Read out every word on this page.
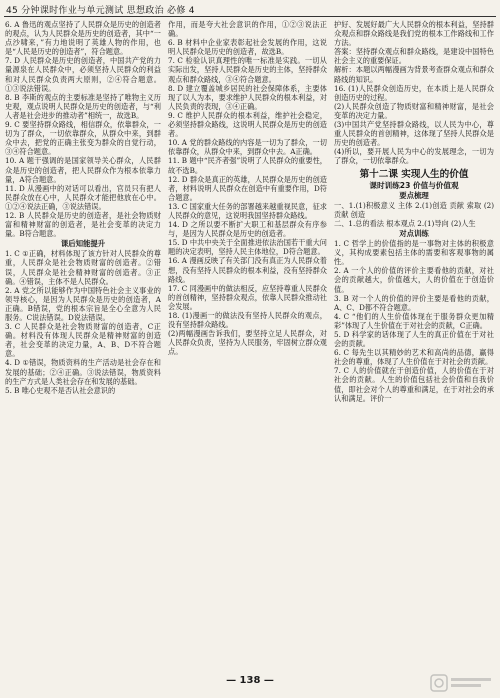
45 分钟课时作业与单元测试 思想政治 必修 4

6. A 鲁迅的观点坚持了人民群众是历史的创造者的观点，认为人民群众是历史的创造者，其中“一点沙啸来，”有力地说明了英雄人物的作用，也是“人民是历史的创造者”，符合题意。

7. D 人民群众是历史的创造者，中国共产党的力量源泉在人民群众中，必须坚持人民群众的利益和对人民群众负责两大原则，②④符合题意。①③说法错误。

8. B 李斯的观点的主要标准是坚持了唯物主义历史观，观点说明人民群众是历史的创造者，与“利人者是社会进步的推动者”相统一，故选B。

9. C 要坚持群众路线，相信群众，依靠群众，一切为了群众，一切依靠群众，从群众中来，到群众中去，把党的正确主张变为群众的自觉行动，③④符合题意。

10. A 题干强调的是国家领导关心群众，人民群众是历史的创造者，把人民群众作为根本依靠力量，A符合题意。

11. D 从漫画中的对话可以看出，官员只有把人民群众放在心中，人民群众才能把他放在心中。①②④说法正确，③说法错误。

12. B 人民群众是历史的创造者，是社会物质财富和精神财富的创造者，是社会变革的决定力量。B符合题意。

课后知能提升

1. C ①正确，材料体现了该方针对人民群众的尊重，人民群众是社会物质财富的创造者。②错误，人民群众是社会精神财富的创造者。③正确。④错误，主体不是人民群众。

2. A 党之所以能够作为中国特色社会主义事业的领导核心，是因为人民群众是历史的创造者，A正确。B错误，党的根本宗旨是全心全意为人民服务。C说法错误。D说法错误。

3. C 人民群众是社会物质财富的创造者，C正确。材料没有体现人民群众是精神财富的创造者，社会变革的决定力量，A、B、D不符合题意。

4. D ①错误，物质资料的生产活动是社会存在和发展的基础；②④正确。③说法错误，物质资料的生产方式是人类社会存在和发展的基础。

5. B 唯心史观不是否认社会意识的

作用，而是夸大社会意识的作用，①②③说法正确。

6. B 材料中企业家表彰起社会发展的作用，这说明人民群众是历史的创造者，故选B。

7. C 检验认识真理性的唯一标准是实践。一切从实际出发，坚持人民群众是历史的主体，坚持群众观点和群众路线，③④符合题意。

8. D 建立覆盖城乡居民的社会保障体系，主要体现了以人为本，要求维护人民群众的根本利益，对人民负责的表现，③④正确。

9. C 维护人民群众的根本利益，维护社会稳定，必须坚持群众路线，这说明人民群众是历史的创造者。

10. A 党的群众路线的内容是一切为了群众，一切依靠群众，从群众中来，到群众中去。A正确。

11. B 题中“民齐者强”说明了人民群众的重要性，故不选B。

12. D 群众是真正的英雄，人民群众是历史的创造者，材料说明人民群众在创造中有重要作用，D符合题意。

13. C 国家重大任务的部署越来越重视民意，征求人民群众的意见，这说明我国坚持群众路线。

14. D 之所以要不断扩大职工和基层群众有序参与，是因为人民群众是历史的创造者。

15. D 中共中央关于全面推进依法治国若干重大问题的决定表明，坚持人民主体地位，D符合题意。

16. A 漫画反映了有关部门没有真正为人民群众着想，没有坚持人民群众的根本利益，没有坚持群众路线。

17. C 同漫画中的做法相反，应坚持尊重人民群众的首创精神，坚持群众观点，依靠人民群众推动社会发展。

18. (1)漫画一的做法没有坚持人民群众的观点，没有坚持群众路线。

(2)两幅漫画告诉我们，要坚持立足人民群众，对人民群众负责，坚持为人民服务，牢固树立群众观点。

护好、发展好最广大人民群众的根本利益，坚持群众观点和群众路线是我们党的根本工作路线和工作方法。

答案：坚持群众观点和群众路线，是建设中国特色社会主义的重要保证。

解析：本题以两幅漫画为背景考查群众观点和群众路线的知识。

16. (1)人民群众创造历史，在本质上是人民群众创造历史的过程。

(2)人民群众创造了物质财富和精神财富，是社会变革的决定力量。

(3)中国共产党坚持群众路线，以人民为中心，尊重人民群众的首创精神，这体现了坚持人民群众是历史的创造者。

(4)所以，要开展人民为中心的发展理念，一切为了群众，一切依靠群众。

第十二课 实现人生的价值

课时训练23 价值与价值观

要点梳理

一、1.(1)积极意义 主体 2.(1)创造 贡献 索取 (2)贡献 创造

二、1.总的看法 根本观点 2.(1)导向 (2)人生

对点训练

1. C 哲学上的价值指的是一事物对主体的积极意义，其构成要素包括主体的需要和客观事物的属性。

2. A 一个人的价值的评价主要看他的贡献，对社会的贡献越大，价值越大，人的价值在于创造价值。

3. B 对一个人的价值的评价主要是看他的贡献，A、C、D都不符合题意。

4. C “他们的人生价值体现在于服务群众更加精彩”体现了人生价值在于对社会的贡献，C正确。

5. D 科学家的话体现了人生的真正价值在于对社会的贡献。

6. C 每先生以其精妙的艺术和高尚的品德，赢得社会的尊重，体现了人生价值在于对社会的贡献。

7. C 人的价值就在于创造价值，人的价值在于对社会的贡献。人生的价值包括社会价值和自我价值，即社会对个人的尊重和满足，在于对社会的承认和满足。评价一

— 138 —
